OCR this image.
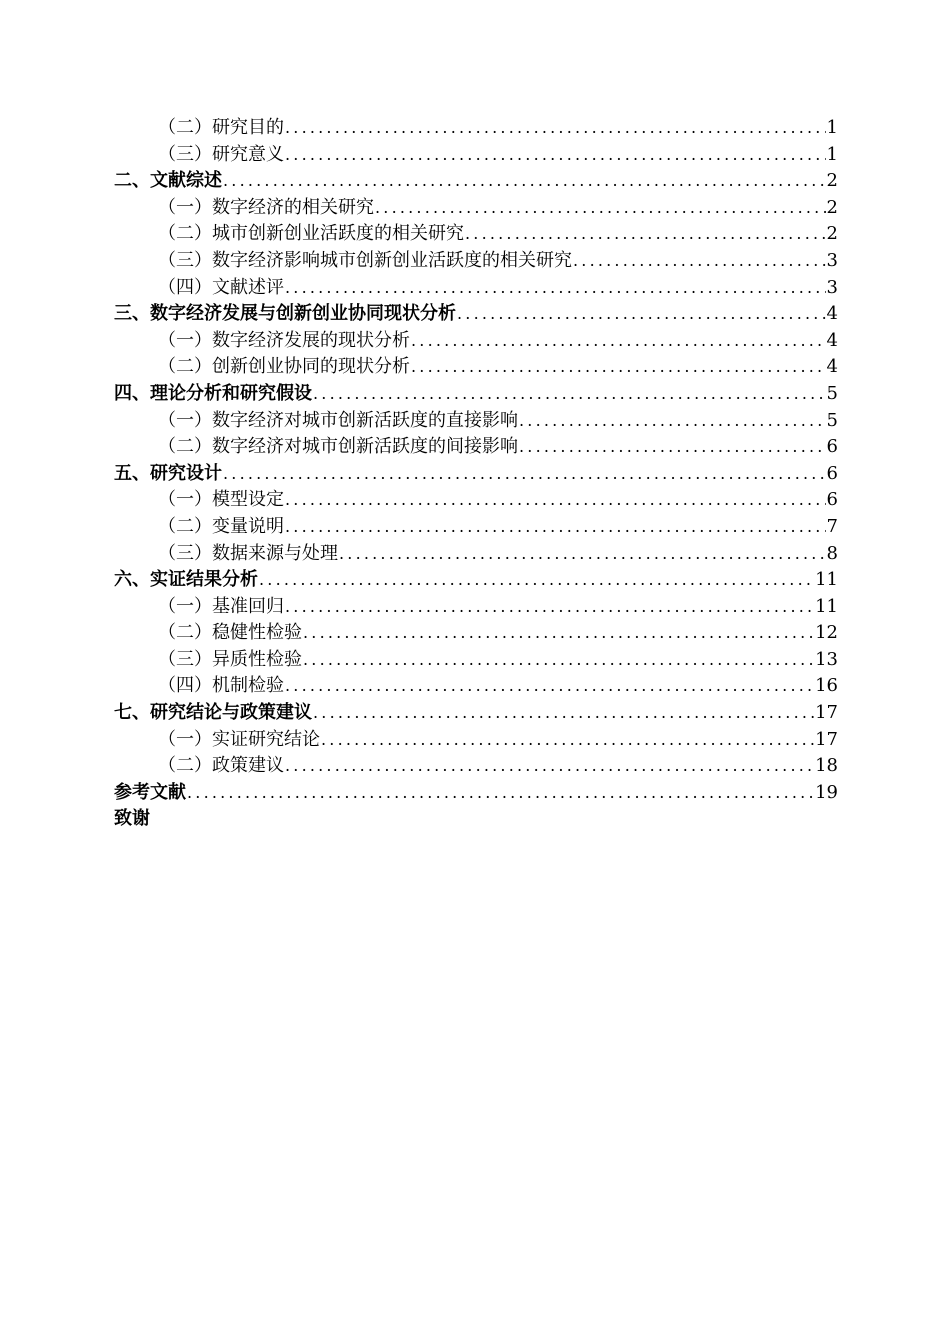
（二）研究目的 .....	1
（三）研究意义 .....	1
二、文献综述 .....	2
（一）数字经济的相关研究 .....	2
（二）城市创新创业活跃度的相关研究 .....	2
（三）数字经济影响城市创新创业活跃度的相关研究 .....	3
（四）文献述评 .....	3
三、数字经济发展与创新创业协同现状分析 .....	4
（一）数字经济发展的现状分析 .....	4
（二）创新创业协同的现状分析 .....	4
四、理论分析和研究假设 .....	5
（一）数字经济对城市创新活跃度的直接影响 .....	5
（二）数字经济对城市创新活跃度的间接影响 .....	6
五、研究设计 .....	6
（一）模型设定 .....	6
（二）变量说明 .....	7
（三）数据来源与处理 .....	8
六、实证结果分析 .....	11
（一）基准回归 .....	11
（二）稳健性检验 .....	12
（三）异质性检验 .....	13
（四）机制检验 .....	16
七、研究结论与政策建议 .....	17
（一）实证研究结论 .....	17
（二）政策建议 .....	18
参考文献 .....	19
致谢
